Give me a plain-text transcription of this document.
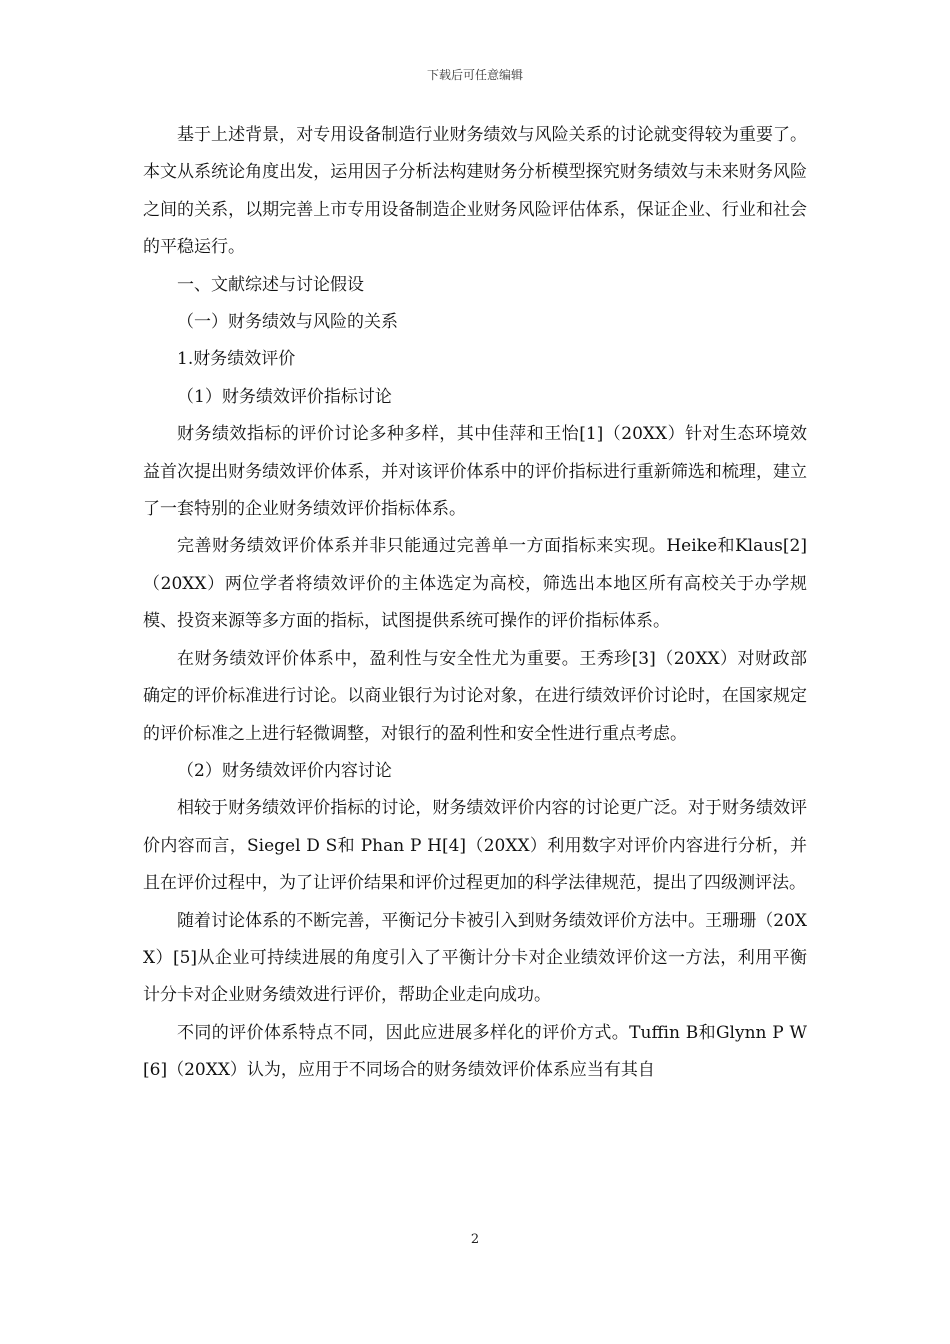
下载后可任意编辑

基于上述背景，对专用设备制造行业财务绩效与风险关系的讨论就变得较为重要了。本文从系统论角度出发，运用因子分析法构建财务分析模型探究财务绩效与未来财务风险之间的关系，以期完善上市专用设备制造企业财务风险评估体系，保证企业、行业和社会的平稳运行。

一、文献综述与讨论假设

（一）财务绩效与风险的关系

1.财务绩效评价

（1）财务绩效评价指标讨论

财务绩效指标的评价讨论多种多样，其中佳萍和王怡[1]（20XX）针对生态环境效益首次提出财务绩效评价体系，并对该评价体系中的评价指标进行重新筛选和梳理，建立了一套特别的企业财务绩效评价指标体系。

完善财务绩效评价体系并非只能通过完善单一方面指标来实现。Heike和Klaus[2]（20XX）两位学者将绩效评价的主体选定为高校，筛选出本地区所有高校关于办学规模、投资来源等多方面的指标，试图提供系统可操作的评价指标体系。

在财务绩效评价体系中，盈利性与安全性尤为重要。王秀珍[3]（20XX）对财政部确定的评价标准进行讨论。以商业银行为讨论对象，在进行绩效评价讨论时，在国家规定的评价标准之上进行轻微调整，对银行的盈利性和安全性进行重点考虑。

（2）财务绩效评价内容讨论

相较于财务绩效评价指标的讨论，财务绩效评价内容的讨论更广泛。对于财务绩效评价内容而言，Siegel D S和 Phan P H[4]（20XX）利用数字对评价内容进行分析，并且在评价过程中，为了让评价结果和评价过程更加的科学法律规范，提出了四级测评法。

随着讨论体系的不断完善，平衡记分卡被引入到财务绩效评价方法中。王珊珊（20XX）[5]从企业可持续进展的角度引入了平衡计分卡对企业绩效评价这一方法，利用平衡计分卡对企业财务绩效进行评价，帮助企业走向成功。

不同的评价体系特点不同，因此应进展多样化的评价方式。Tuffin B和Glynn P W[6]（20XX）认为，应用于不同场合的财务绩效评价体系应当有其自

2
